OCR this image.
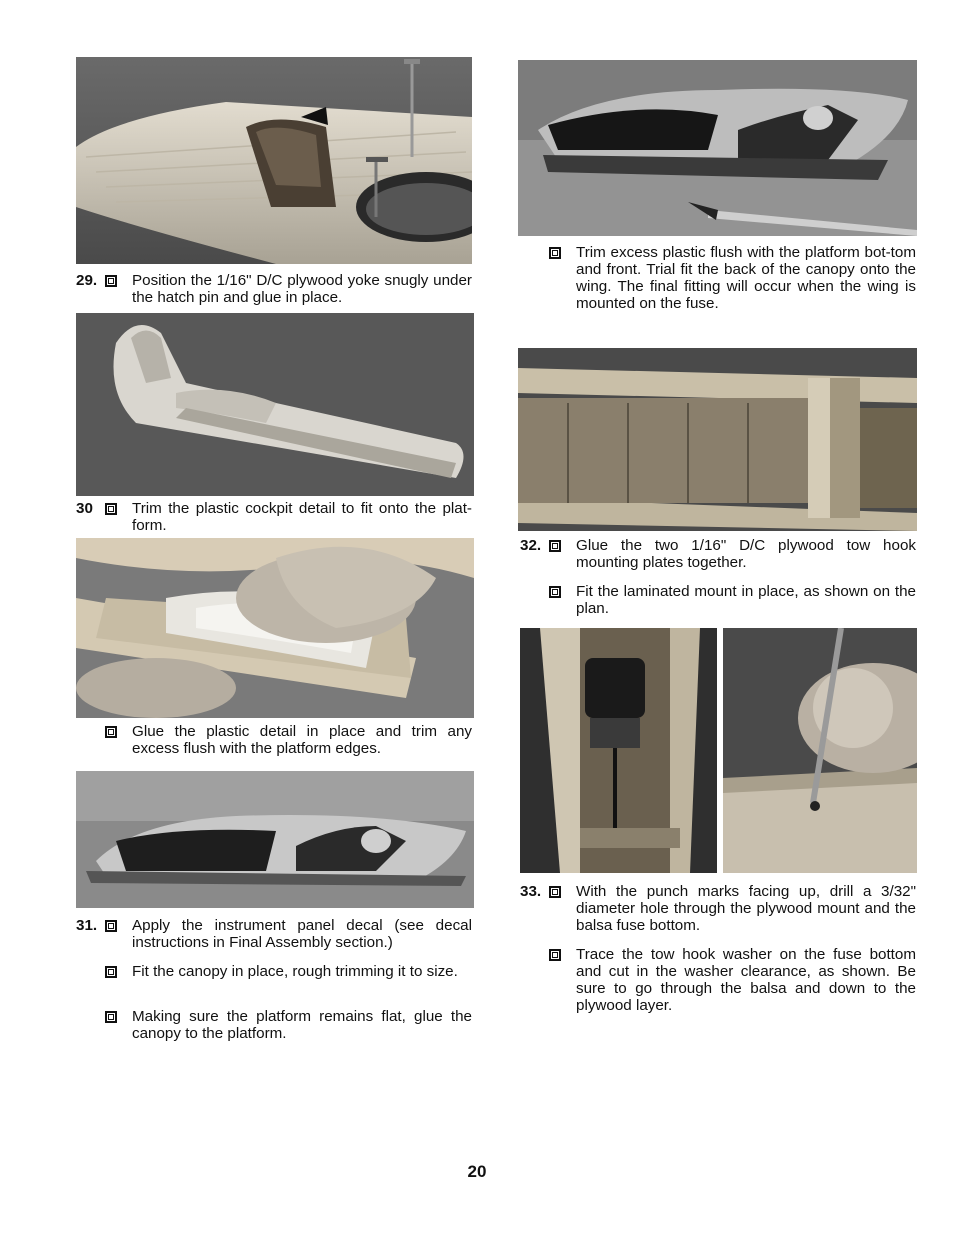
29. Position the 1/16" D/C plywood yoke snugly under the hatch pin and glue in place.
30	Trim the plastic cockpit detail to fit onto the plat-form.
Glue the plastic detail in place and trim any excess flush with the platform edges.
31. Apply the instrument panel decal (see decal instructions in Final Assembly section.)
Fit the canopy in place, rough trimming it to size.
Making sure the platform remains flat, glue the canopy to the platform.
Trim excess plastic flush with the platform bot-tom and front. Trial fit the back of the canopy onto the wing. The final fitting will occur when the wing is mounted on the fuse.
32. Glue the two 1/16" D/C plywood tow hook mounting plates together.
Fit the laminated mount in place, as shown on the plan.
33. With the punch marks facing up, drill a 3/32" diameter hole through the plywood mount and the balsa fuse bottom.
Trace the tow hook washer on the fuse bottom and cut in the washer clearance, as shown. Be sure to go through the balsa and down to the plywood layer.
20
